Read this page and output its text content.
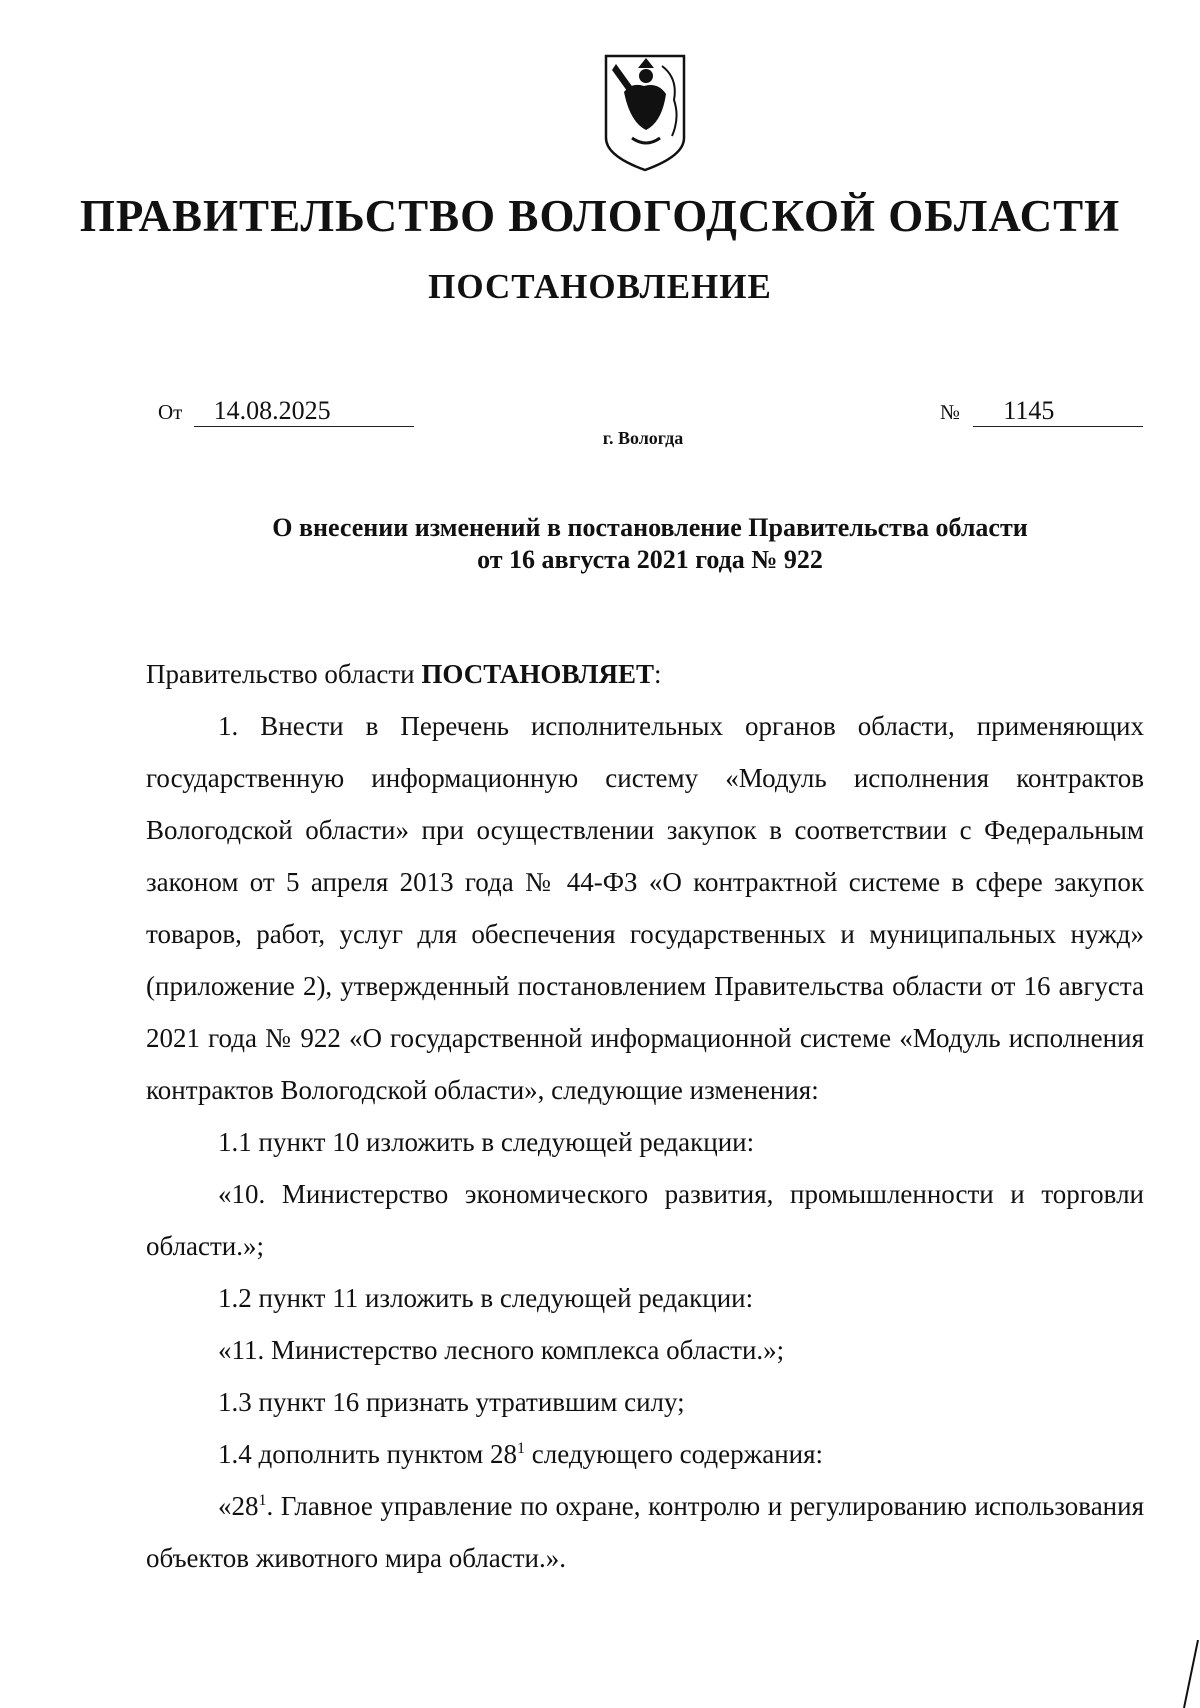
ПРАВИТЕЛЬСТВО ВОЛОГОДСКОЙ ОБЛАСТИ
ПОСТАНОВЛЕНИЕ
От 14.08.2025	№ 1145
г. Вологда
О внесении изменений в постановление Правительства области
от 16 августа 2021 года № 922

Правительство области ПОСТАНОВЛЯЕТ:

1. Внести в Перечень исполнительных органов области, применяющих государственную информационную систему «Модуль исполнения контрактов Вологодской области» при осуществлении закупок в соответствии с Федеральным законом от 5 апреля 2013 года № 44-ФЗ «О контрактной системе в сфере закупок товаров, работ, услуг для обеспечения государственных и муниципальных нужд» (приложение 2), утвержденный постановлением Правительства области от 16 августа 2021 года № 922 «О государственной информационной системе «Модуль исполнения контрактов Вологодской области», следующие изменения:

1.1 пункт 10 изложить в следующей редакции:

«10. Министерство экономического развития, промышленности и торговли области.»;

1.2 пункт 11 изложить в следующей редакции:

«11. Министерство лесного комплекса области.»;

1.3 пункт 16 признать утратившим силу;

1.4 дополнить пунктом $28^1$ следующего содержания:

«$28^1$. Главное управление по охране, контролю и регулированию использования объектов животного мира области.».
